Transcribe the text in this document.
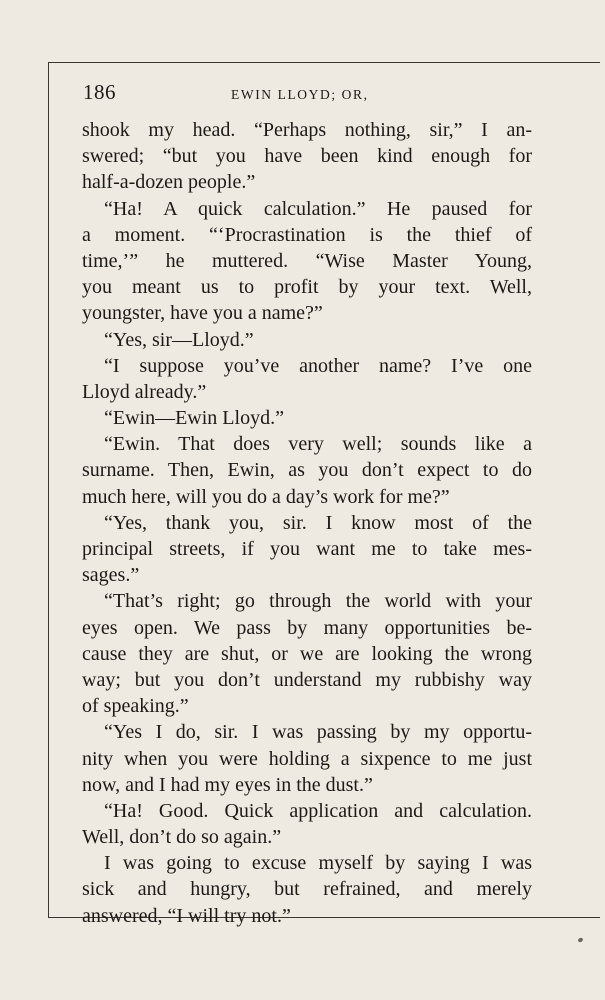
186	EWIN LLOYD; OR,
shook my head. “Perhaps nothing, sir,” I an-
swered; “but you have been kind enough for
half-a-dozen people.”
“Ha! A quick calculation.” He paused for
a moment. “‘Procrastination is the thief of
time,’” he muttered. “Wise Master Young,
you meant us to profit by your text. Well,
youngster, have you a name?”
“Yes, sir—Lloyd.”
“I suppose you’ve another name? I’ve one
Lloyd already.”
“Ewin—Ewin Lloyd.”
“Ewin. That does very well; sounds like a
surname. Then, Ewin, as you don’t expect to do
much here, will you do a day’s work for me?”
“Yes, thank you, sir. I know most of the
principal streets, if you want me to take mes-
sages.”
“That’s right; go through the world with your
eyes open. We pass by many opportunities be-
cause they are shut, or we are looking the wrong
way; but you don’t understand my rubbishy way
of speaking.”
“Yes I do, sir. I was passing by my opportu-
nity when you were holding a sixpence to me just
now, and I had my eyes in the dust.”
“Ha! Good. Quick application and calculation.
Well, don’t do so again.”
I was going to excuse myself by saying I was
sick and hungry, but refrained, and merely
answered, “I will try not.”
